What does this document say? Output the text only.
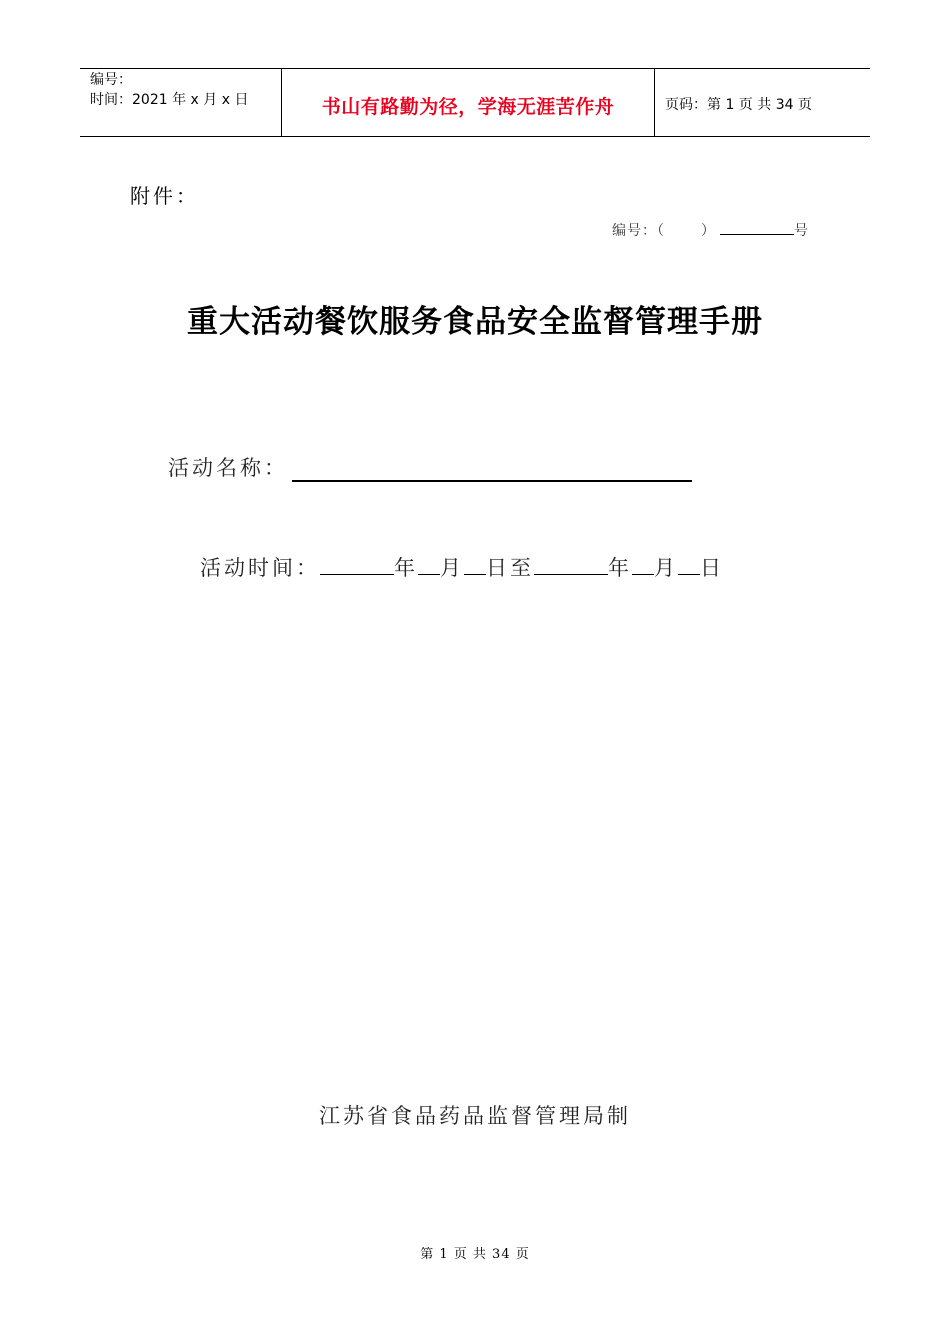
编号：
时间：2021 年 x 月 x 日	书山有路勤为径，学海无涯苦作舟	页码：第 1 页 共 34 页
附件：
编号：（	）	号
重大活动餐饮服务食品安全监督管理手册
活动名称：
活动时间：	年 月 日至	年 月 日
江苏省食品药品监督管理局制
第 1 页 共 34 页
